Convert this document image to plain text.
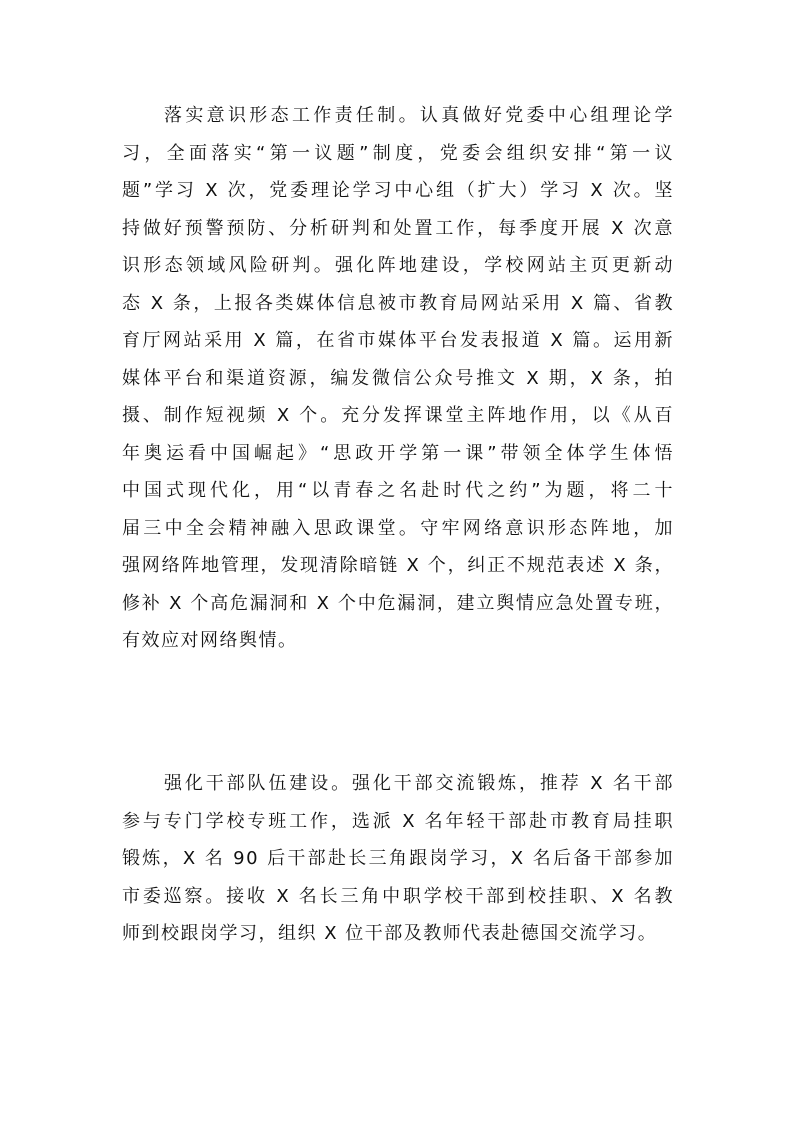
落实意识形态工作责任制。认真做好党委中心组理论学
习，全面落实“第一议题”制度，党委会组织安排“第一议
题”学习 X 次，党委理论学习中心组（扩大）学习 X 次。坚
持做好预警预防、分析研判和处置工作，每季度开展 X 次意
识形态领域风险研判。强化阵地建设，学校网站主页更新动
态 X 条，上报各类媒体信息被市教育局网站采用 X 篇、省教
育厅网站采用 X 篇，在省市媒体平台发表报道 X 篇。运用新
媒体平台和渠道资源，编发微信公众号推文 X 期，X 条，拍
摄、制作短视频 X 个。充分发挥课堂主阵地作用，以《从百
年奥运看中国崛起》“思政开学第一课”带领全体学生体悟
中国式现代化，用“以青春之名赴时代之约”为题，将二十
届三中全会精神融入思政课堂。守牢网络意识形态阵地，加
强网络阵地管理，发现清除暗链 X 个，纠正不规范表述 X 条，
修补 X 个高危漏洞和 X 个中危漏洞，建立舆情应急处置专班，
有效应对网络舆情。
强化干部队伍建设。强化干部交流锻炼，推荐 X 名干部
参与专门学校专班工作，选派 X 名年轻干部赴市教育局挂职
锻炼，X 名 90 后干部赴长三角跟岗学习，X 名后备干部参加
市委巡察。接收 X 名长三角中职学校干部到校挂职、X 名教
师到校跟岗学习，组织 X 位干部及教师代表赴德国交流学习。
